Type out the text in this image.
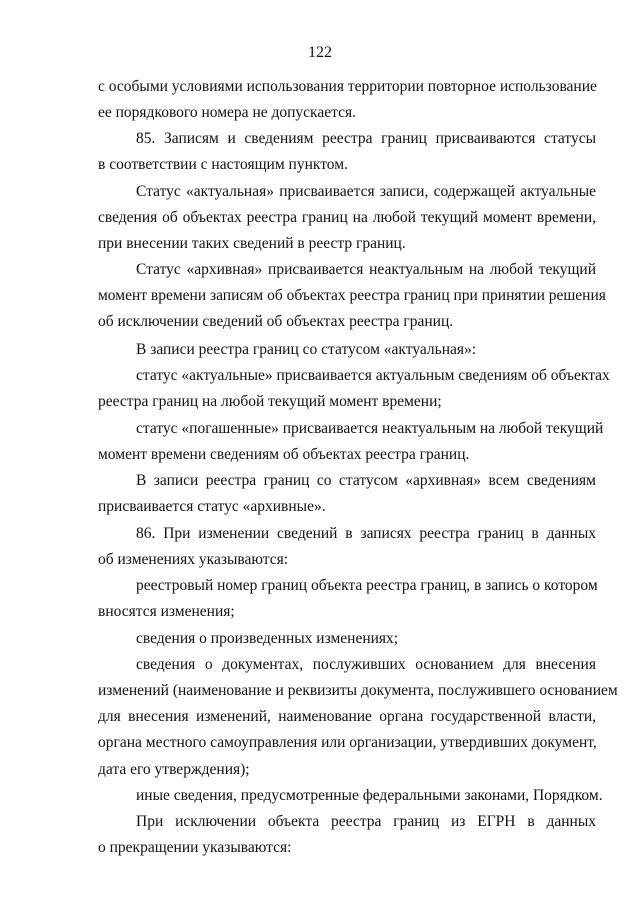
122
с особыми условиями использования территории повторное использование
ее порядкового номера не допускается.
85. Записям и сведениям реестра границ присваиваются статусы
в соответствии с настоящим пунктом.
Статус «актуальная» присваивается записи, содержащей актуальные
сведения об объектах реестра границ на любой текущий момент времени,
при внесении таких сведений в реестр границ.
Статус «архивная» присваивается неактуальным на любой текущий
момент времени записям об объектах реестра границ при принятии решения
об исключении сведений об объектах реестра границ.
В записи реестра границ со статусом «актуальная»:
статус «актуальные» присваивается актуальным сведениям об объектах
реестра границ на любой текущий момент времени;
статус «погашенные» присваивается неактуальным на любой текущий
момент времени сведениям об объектах реестра границ.
В записи реестра границ со статусом «архивная» всем сведениям
присваивается статус «архивные».
86. При изменении сведений в записях реестра границ в данных
об изменениях указываются:
реестровый номер границ объекта реестра границ, в запись о котором
вносятся изменения;
сведения о произведенных изменениях;
сведения о документах, послуживших основанием для внесения
изменений (наименование и реквизиты документа, послужившего основанием
для внесения изменений, наименование органа государственной власти,
органа местного самоуправления или организации, утвердивших документ,
дата его утверждения);
иные сведения, предусмотренные федеральными законами, Порядком.
При исключении объекта реестра границ из ЕГРН в данных
о прекращении указываются:
